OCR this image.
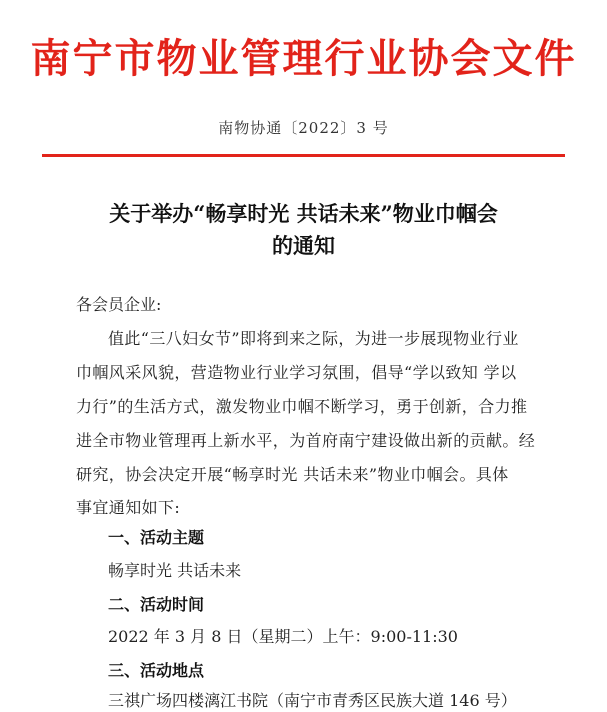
南宁市物业管理行业协会文件
南物协通〔2022〕3 号
关于举办“畅享时光 共话未来”物业巾帼会
的通知
各会员企业:
值此“三八妇女节”即将到来之际，为进一步展现物业行业
巾帼风采风貌，营造物业行业学习氛围，倡导“学以致知 学以
力行”的生活方式，激发物业巾帼不断学习，勇于创新，合力推
进全市物业管理再上新水平，为首府南宁建设做出新的贡献。经
研究，协会决定开展“畅享时光 共话未来”物业巾帼会。具体
事宜通知如下:
一、活动主题
畅享时光 共话未来
二、活动时间
2022 年 3 月 8 日（星期二）上午：9:00-11:30
三、活动地点
三祺广场四楼漓江书院（南宁市青秀区民族大道 146 号）
